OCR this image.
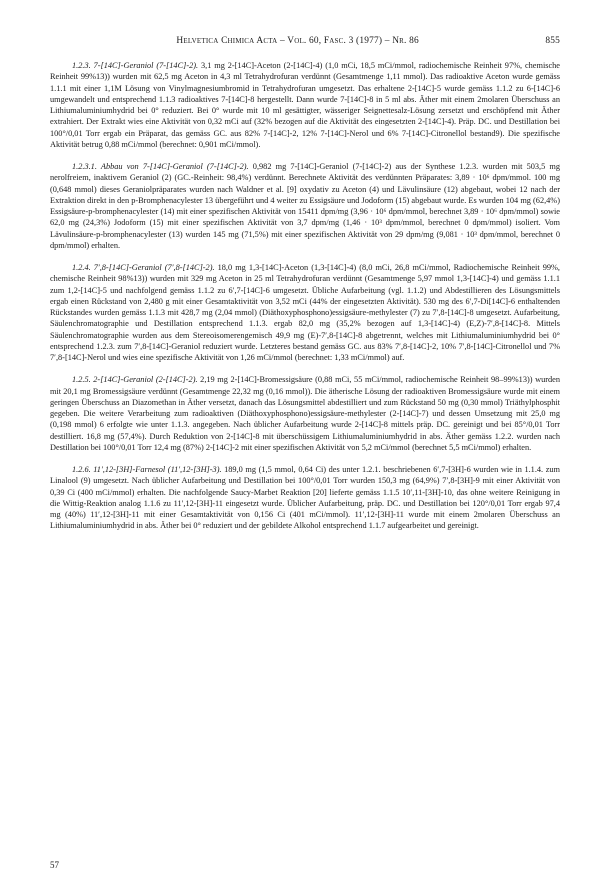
Helvetica Chimica Acta – Vol. 60, Fasc. 3 (1977) – Nr. 86	855

1.2.3. 7-[14C]-Geraniol (7-[14C]-2). 3,1 mg 2-[14C]-Aceton (2-[14C]-4) (1,0 mCi, 18,5 mCi/mmol, radiochemische Reinheit 97%, chemische Reinheit 99%13)) wurden mit 62,5 mg Aceton in 4,3 ml Tetrahydrofuran verdünnt (Gesamtmenge 1,11 mmol). Das radioaktive Aceton wurde gemäss 1.1.1 mit einer 1,1M Lösung von Vinylmagnesiumbromid in Tetrahydrofuran umgesetzt. Das erhaltene 2-[14C]-5 wurde gemäss 1.1.2 zu 6-[14C]-6 umgewandelt und entsprechend 1.1.3 radioaktives 7-[14C]-8 hergestellt. Dann wurde 7-[14C]-8 in 5 ml abs. Äther mit einem 2molaren Überschuss an Lithiumaluminiumhydrid bei 0° reduziert. Bei 0° wurde mit 10 ml gesättigter, wässeriger Seignettesalz-Lösung zersetzt und erschöpfend mit Äther extrahiert. Der Extrakt wies eine Aktivität von 0,32 mCi auf (32% bezogen auf die Aktivität des eingesetzten 2-[14C]-4). Präp. DC. und Destillation bei 100°/0,01 Torr ergab ein Präparat, das gemäss GC. aus 82% 7-[14C]-2, 12% 7-[14C]-Nerol und 6% 7-[14C]-Citronellol bestand9). Die spezifische Aktivität betrug 0,88 mCi/mmol (berechnet: 0,901 mCi/mmol).

1.2.3.1. Abbau von 7-[14C]-Geraniol (7-[14C]-2). 0,982 mg 7-[14C]-Geraniol (7-[14C]-2) aus der Synthese 1.2.3. wurden mit 503,5 mg nerolfreiem, inaktivem Geraniol (2) (GC.-Reinheit: 98,4%) verdünnt. Berechnete Aktivität des verdünnten Präparates: 3,89 · 10⁶ dpm/mmol. 100 mg (0,648 mmol) dieses Geraniolpräparates wurden nach Waldner et al. [9] oxydativ zu Aceton (4) und Lävulinsäure (12) abgebaut, wobei 12 nach der Extraktion direkt in den p-Bromphenacylester 13 übergeführt und 4 weiter zu Essigsäure und Jodoform (15) abgebaut wurde. Es wurden 104 mg (62,4%) Essigsäure-p-bromphenacylester (14) mit einer spezifischen Aktivität von 15411 dpm/mg (3,96 · 10⁶ dpm/mmol, berechnet 3,89 · 10⁶ dpm/mmol) sowie 62,0 mg (24,3%) Jodoform (15) mit einer spezifischen Aktivität von 3,7 dpm/mg (1,46 · 10³ dpm/mmol, berechnet 0 dpm/mmol) isoliert. Vom Lävulinsäure-p-bromphenacylester (13) wurden 145 mg (71,5%) mit einer spezifischen Aktivität von 29 dpm/mg (9,081 · 10³ dpm/mmol, berechnet 0 dpm/mmol) erhalten.

1.2.4. 7′,8-[14C]-Geraniol (7′,8-[14C]-2). 18,0 mg 1,3-[14C]-Aceton (1,3-[14C]-4) (8,0 mCi, 26,8 mCi/mmol, Radiochemische Reinheit 99%, chemische Reinheit 98%13)) wurden mit 329 mg Aceton in 25 ml Tetrahydrofuran verdünnt (Gesamtmenge 5,97 mmol 1,3-[14C]-4) und gemäss 1.1.1 zum 1,2-[14C]-5 und nachfolgend gemäss 1.1.2 zu 6′,7-[14C]-6 umgesetzt. Übliche Aufarbeitung (vgl. 1.1.2) und Abdestillieren des Lösungsmittels ergab einen Rückstand von 2,480 g mit einer Gesamtaktivität von 3,52 mCi (44% der eingesetzten Aktivität). 530 mg des 6′,7-Di[14C]-6 enthaltenden Rückstandes wurden gemäss 1.1.3 mit 428,7 mg (2,04 mmol) (Diäthoxyphosphono)essigsäure-methylester (7) zu 7′,8-[14C]-8 umgesetzt. Aufarbeitung, Säulenchromatographie und Destillation entsprechend 1.1.3. ergab 82,0 mg (35,2% bezogen auf 1,3-[14C]-4) (E,Z)-7′,8-[14C]-8. Mittels Säulenchromatographie wurden aus dem Stereoisomerengemisch 49,9 mg (E)-7′,8-[14C]-8 abgetrennt, welches mit Lithiumaluminiumhydrid bei 0° entsprechend 1.2.3. zum 7′,8-[14C]-Geraniol reduziert wurde. Letzteres bestand gemäss GC. aus 83% 7′,8-[14C]-2, 10% 7′,8-[14C]-Citronellol und 7% 7′,8-[14C]-Nerol und wies eine spezifische Aktivität von 1,26 mCi/mmol (berechnet: 1,33 mCi/mmol) auf.

1.2.5. 2-[14C]-Geraniol (2-[14C]-2). 2,19 mg 2-[14C]-Bromessigsäure (0,88 mCi, 55 mCi/mmol, radiochemische Reinheit 98–99%13)) wurden mit 20,1 mg Bromessigsäure verdünnt (Gesamtmenge 22,32 mg (0,16 mmol)). Die ätherische Lösung der radioaktiven Bromessigsäure wurde mit einem geringen Überschuss an Diazomethan in Äther versetzt, danach das Lösungsmittel abdestilliert und zum Rückstand 50 mg (0,30 mmol) Triäthylphosphit gegeben. Die weitere Verarbeitung zum radioaktiven (Diäthoxyphosphono)essigsäure-methylester (2-[14C]-7) und dessen Umsetzung mit 25,0 mg (0,198 mmol) 6 erfolgte wie unter 1.1.3. angegeben. Nach üblicher Aufarbeitung wurde 2-[14C]-8 mittels präp. DC. gereinigt und bei 85°/0,01 Torr destilliert. 16,8 mg (57,4%). Durch Reduktion von 2-[14C]-8 mit überschüssigem Lithiumaluminiumhydrid in abs. Äther gemäss 1.2.2. wurden nach Destillation bei 100°/0,01 Torr 12,4 mg (87%) 2-[14C]-2 mit einer spezifischen Aktivität von 5,2 mCi/mmol (berechnet 5,5 mCi/mmol) erhalten.

1.2.6. 11′,12-[3H]-Farnesol (11′,12-[3H]-3). 189,0 mg (1,5 mmol, 0,64 Ci) des unter 1.2.1. beschriebenen 6′,7-[3H]-6 wurden wie in 1.1.4. zum Linalool (9) umgesetzt. Nach üblicher Aufarbeitung und Destillation bei 100°/0,01 Torr wurden 150,3 mg (64,9%) 7′,8-[3H]-9 mit einer Aktivität von 0,39 Ci (400 mCi/mmol) erhalten. Die nachfolgende Saucy-Marbet Reaktion [20] lieferte gemäss 1.1.5 10′,11-[3H]-10, das ohne weitere Reinigung in die Wittig-Reaktion analog 1.1.6 zu 11′,12-[3H]-11 eingesetzt wurde. Üblicher Aufarbeitung, präp. DC. und Destillation bei 120°/0,01 Torr ergab 97,4 mg (40%) 11′,12-[3H]-11 mit einer Gesamtaktivität von 0,156 Ci (401 mCi/mmol). 11′,12-[3H]-11 wurde mit einem 2molaren Überschuss an Lithiumaluminiumhydrid in abs. Äther bei 0° reduziert und der gebildete Alkohol entsprechend 1.1.7 aufgearbeitet und gereinigt.

57
